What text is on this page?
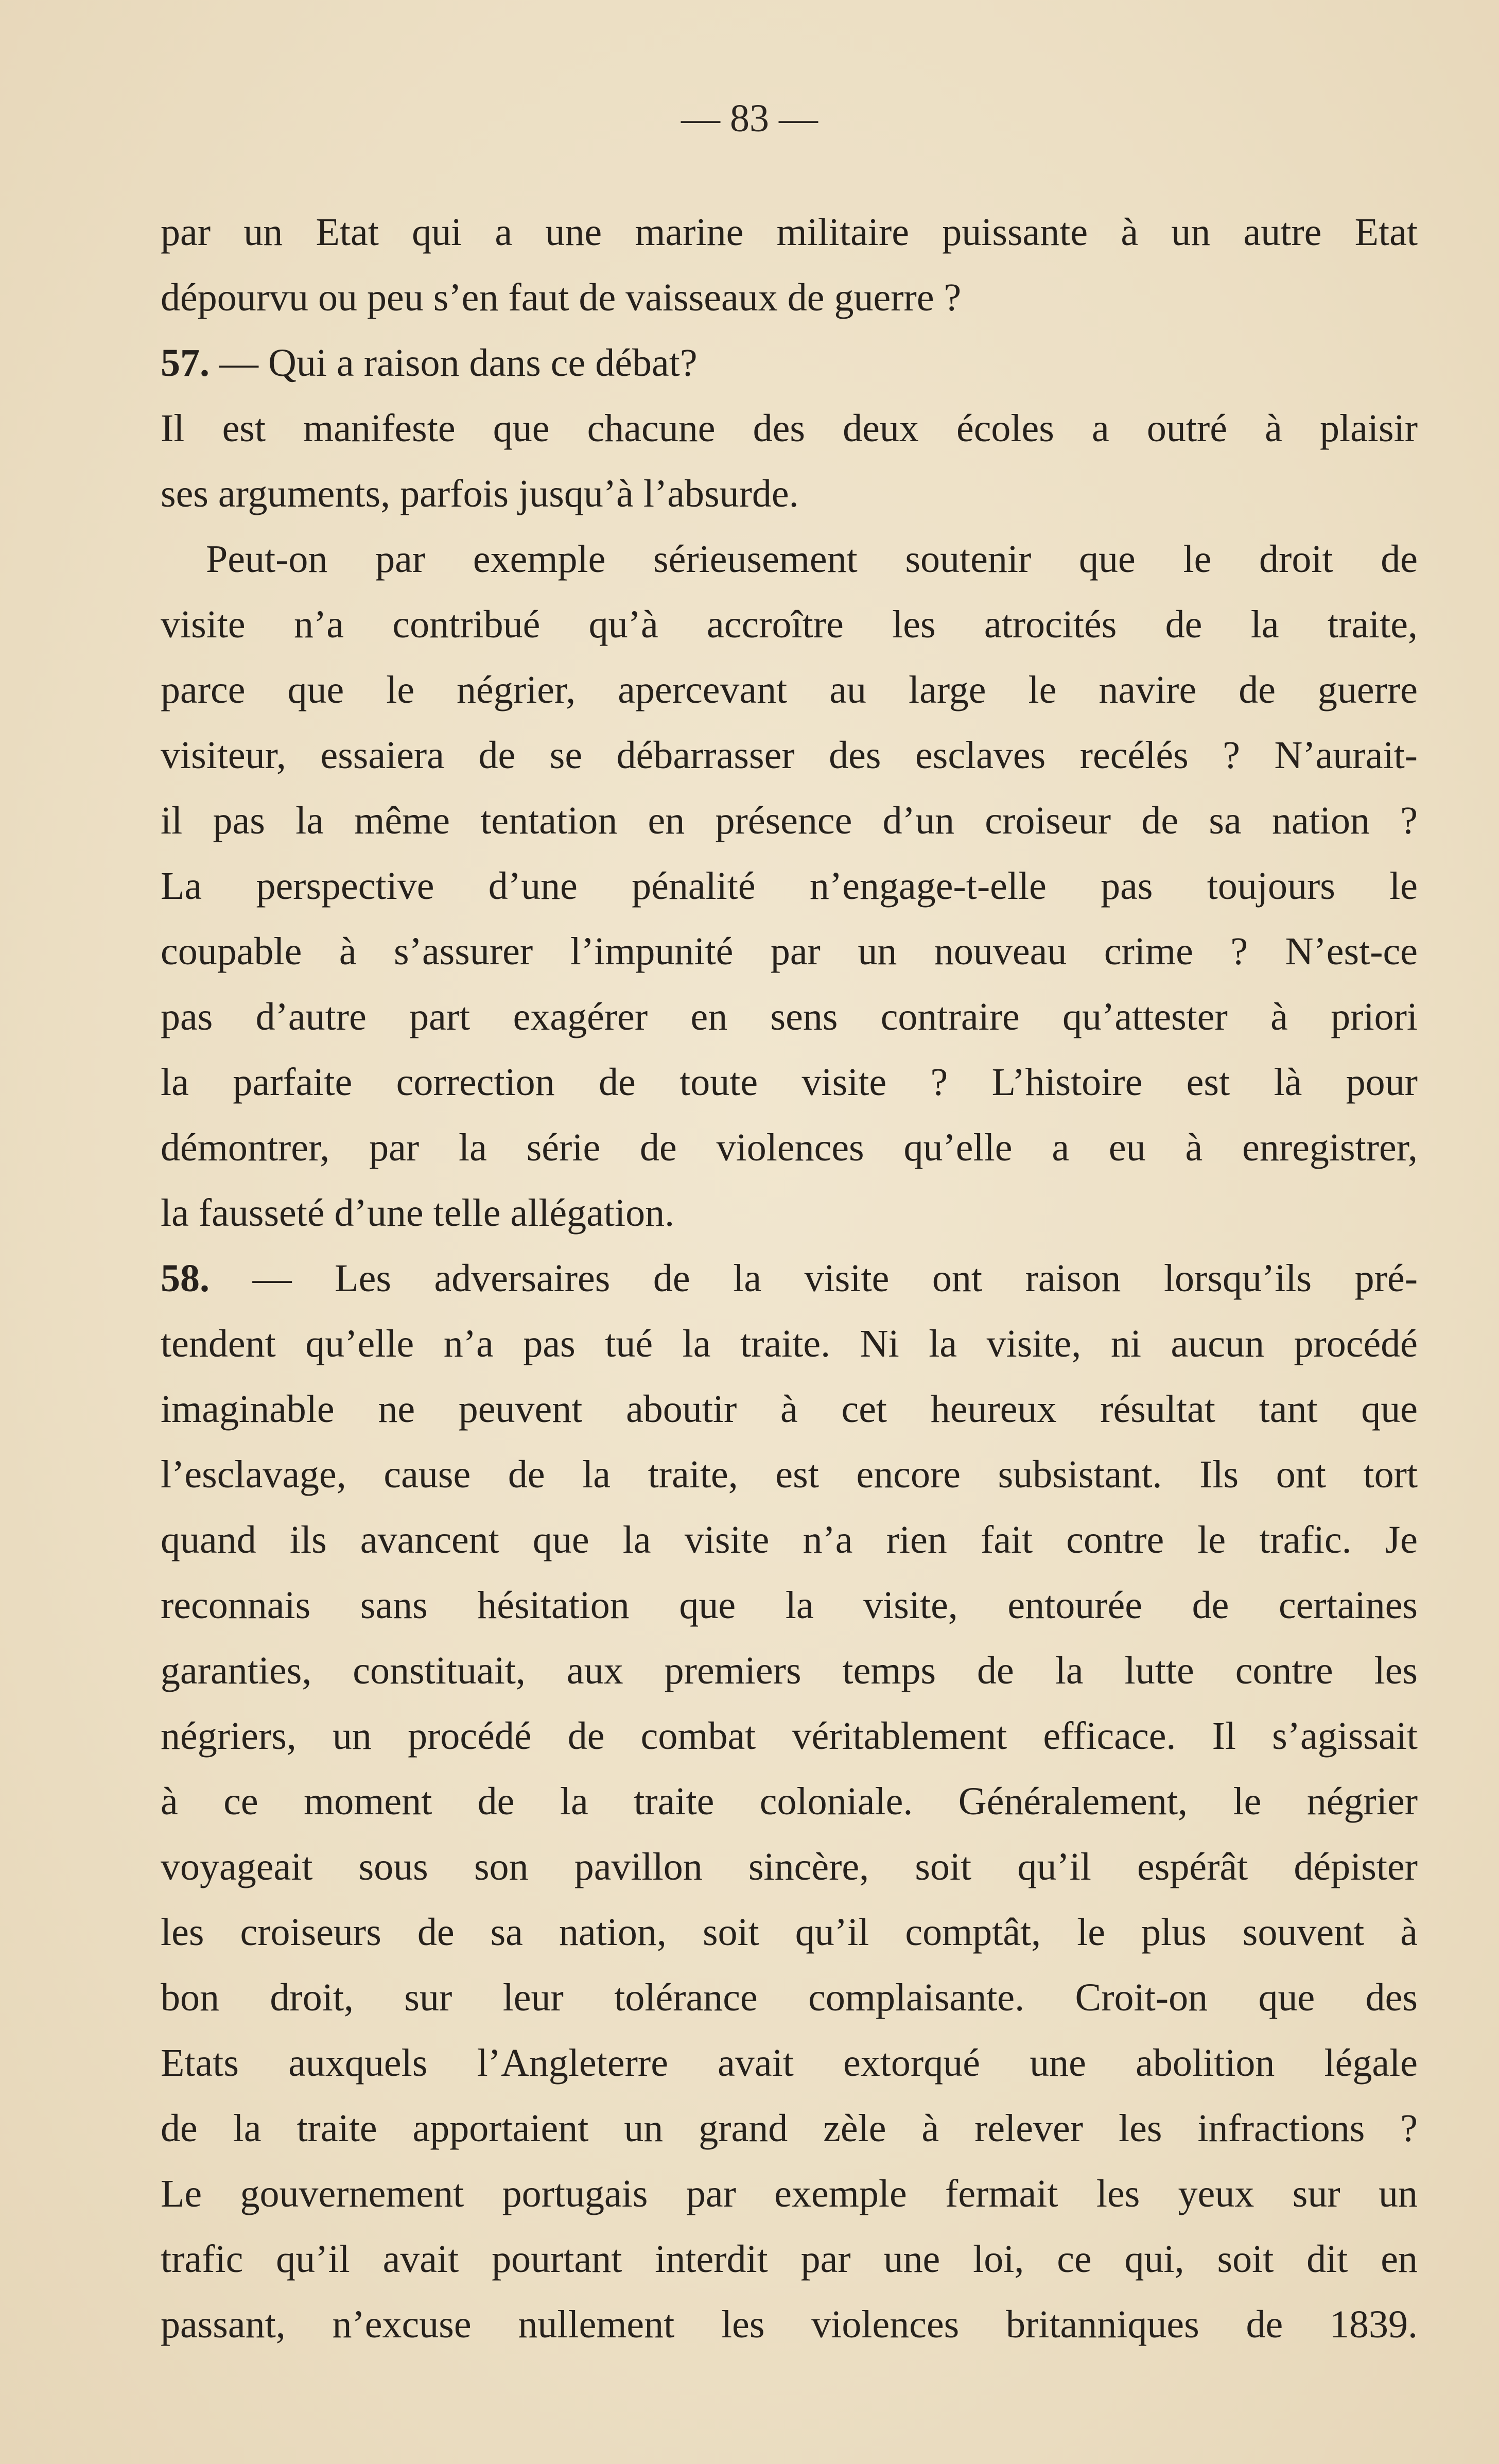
— 83 —
par un Etat qui a une marine militaire puissante à un autre Etat
dépourvu ou peu s’en faut de vaisseaux de guerre ?
57. — Qui a raison dans ce débat?
Il est manifeste que chacune des deux écoles a outré à plaisir
ses arguments, parfois jusqu’à l’absurde.
Peut-on par exemple sérieusement soutenir que le droit de
visite n’a contribué qu’à accroître les atrocités de la traite,
parce que le négrier, apercevant au large le navire de guerre
visiteur, essaiera de se débarrasser des esclaves recélés ? N’aurait-
il pas la même tentation en présence d’un croiseur de sa nation ?
La perspective d’une pénalité n’engage-t-elle pas toujours le
coupable à s’assurer l’impunité par un nouveau crime ? N’est-ce
pas d’autre part exagérer en sens contraire qu’attester à priori
la parfaite correction de toute visite ? L’histoire est là pour
démontrer, par la série de violences qu’elle a eu à enregistrer,
la fausseté d’une telle allégation.
58. — Les adversaires de la visite ont raison lorsqu’ils pré-
tendent qu’elle n’a pas tué la traite. Ni la visite, ni aucun procédé
imaginable ne peuvent aboutir à cet heureux résultat tant que
l’esclavage, cause de la traite, est encore subsistant. Ils ont tort
quand ils avancent que la visite n’a rien fait contre le trafic. Je
reconnais sans hésitation que la visite, entourée de certaines
garanties, constituait, aux premiers temps de la lutte contre les
négriers, un procédé de combat véritablement efficace. Il s’agissait
à ce moment de la traite coloniale. Généralement, le négrier
voyageait sous son pavillon sincère, soit qu’il espérât dépister
les croiseurs de sa nation, soit qu’il comptât, le plus souvent à
bon droit, sur leur tolérance complaisante. Croit-on que des
Etats auxquels l’Angleterre avait extorqué une abolition légale
de la traite apportaient un grand zèle à relever les infractions ?
Le gouvernement portugais par exemple fermait les yeux sur un
trafic qu’il avait pourtant interdit par une loi, ce qui, soit dit en
passant, n’excuse nullement les violences britanniques de 1839.
